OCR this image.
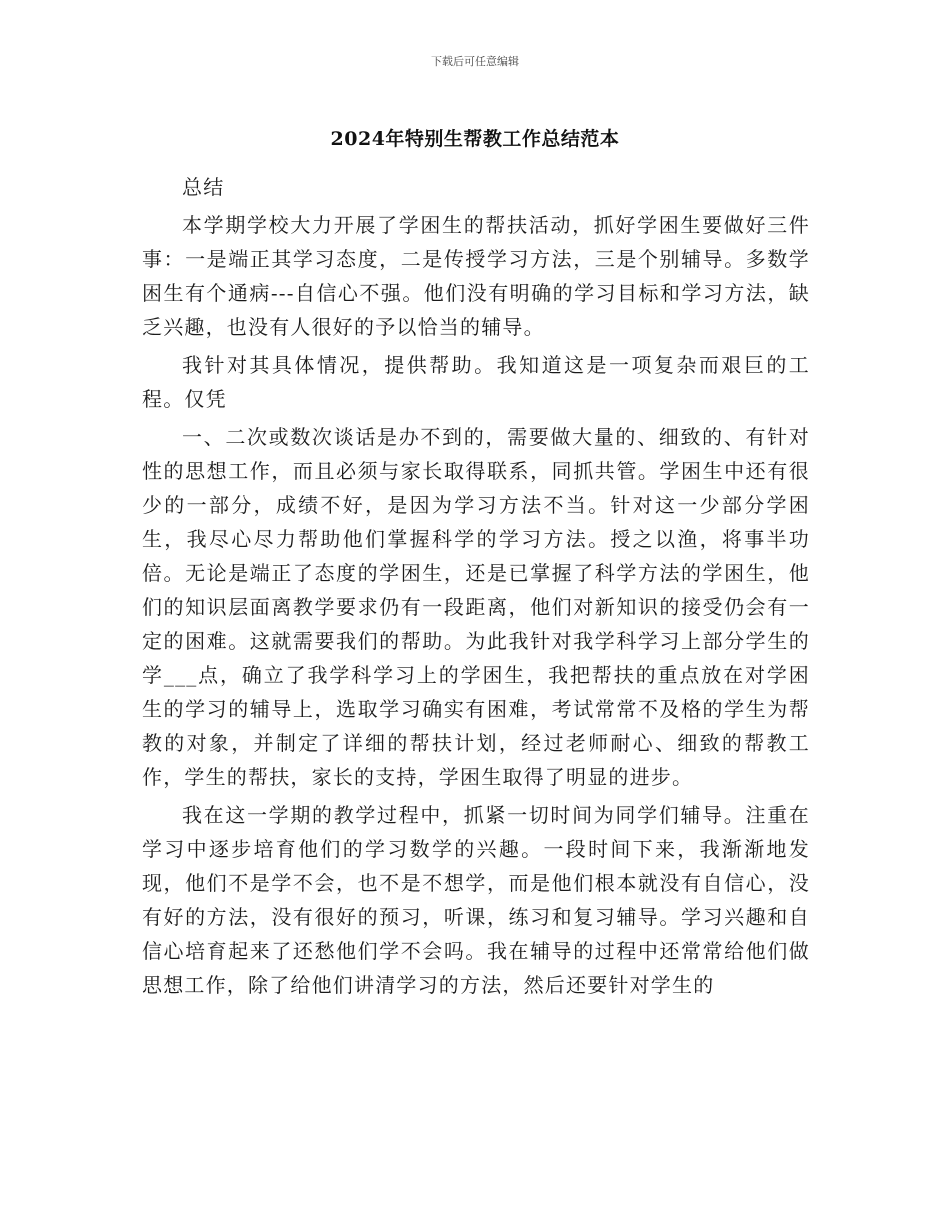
下载后可任意编辑
2024年特别生帮教工作总结范本

总结

本学期学校大力开展了学困生的帮扶活动，抓好学困生要做好三件事：一是端正其学习态度，二是传授学习方法，三是个别辅导。多数学困生有个通病---自信心不强。他们没有明确的学习目标和学习方法，缺乏兴趣，也没有人很好的予以恰当的辅导。

我针对其具体情况，提供帮助。我知道这是一项复杂而艰巨的工程。仅凭

一、二次或数次谈话是办不到的，需要做大量的、细致的、有针对性的思想工作，而且必须与家长取得联系，同抓共管。学困生中还有很少的一部分，成绩不好，是因为学习方法不当。针对这一少部分学困生，我尽心尽力帮助他们掌握科学的学习方法。授之以渔，将事半功倍。无论是端正了态度的学困生，还是已掌握了科学方法的学困生，他们的知识层面离教学要求仍有一段距离，他们对新知识的接受仍会有一定的困难。这就需要我们的帮助。为此我针对我学科学习上部分学生的学___点，确立了我学科学习上的学困生，我把帮扶的重点放在对学困生的学习的辅导上，选取学习确实有困难，考试常常不及格的学生为帮教的对象，并制定了详细的帮扶计划，经过老师耐心、细致的帮教工作，学生的帮扶，家长的支持，学困生取得了明显的进步。

我在这一学期的教学过程中，抓紧一切时间为同学们辅导。注重在学习中逐步培育他们的学习数学的兴趣。一段时间下来，我渐渐地发现，他们不是学不会，也不是不想学，而是他们根本就没有自信心，没有好的方法，没有很好的预习，听课，练习和复习辅导。学习兴趣和自信心培育起来了还愁他们学不会吗。我在辅导的过程中还常常给他们做思想工作，除了给他们讲清学习的方法，然后还要针对学生的
